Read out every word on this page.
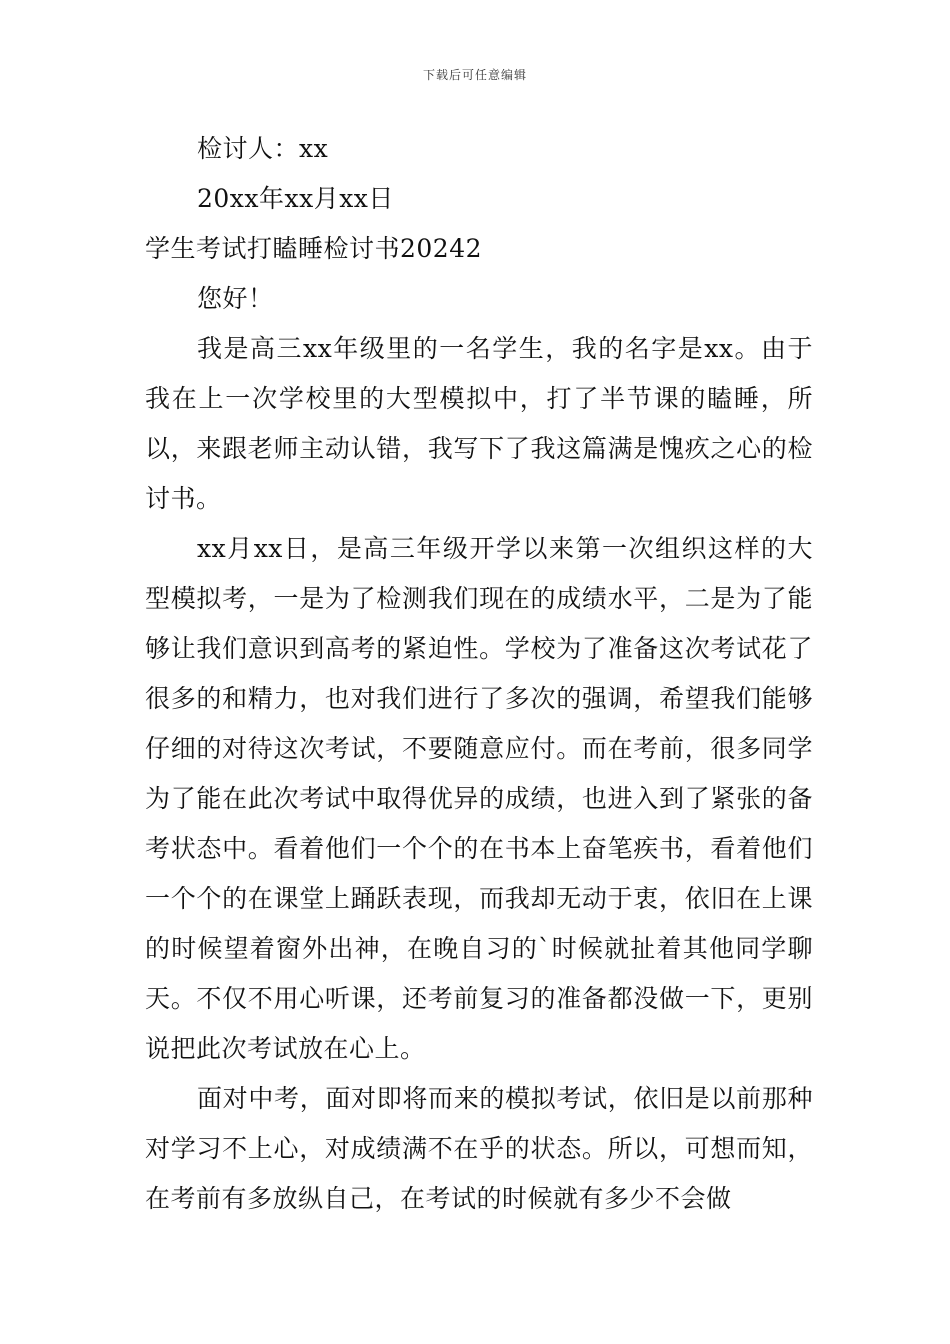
下载后可任意编辑
检讨人：xx
20xx年xx月xx日
学生考试打瞌睡检讨书20242
您好！

我是高三xx年级里的一名学生，我的名字是xx。由于我在上一次学校里的大型模拟中，打了半节课的瞌睡，所以，来跟老师主动认错，我写下了我这篇满是愧疚之心的检讨书。

xx月xx日，是高三年级开学以来第一次组织这样的大型模拟考，一是为了检测我们现在的成绩水平，二是为了能够让我们意识到高考的紧迫性。学校为了准备这次考试花了很多的和精力，也对我们进行了多次的强调，希望我们能够仔细的对待这次考试，不要随意应付。而在考前，很多同学为了能在此次考试中取得优异的成绩，也进入到了紧张的备考状态中。看着他们一个个的在书本上奋笔疾书，看着他们一个个的在课堂上踊跃表现，而我却无动于衷，依旧在上课的时候望着窗外出神，在晚自习的`时候就扯着其他同学聊天。不仅不用心听课，还考前复习的准备都没做一下，更别说把此次考试放在心上。

面对中考，面对即将而来的模拟考试，依旧是以前那种对学习不上心，对成绩满不在乎的状态。所以，可想而知，在考前有多放纵自己，在考试的时候就有多少不会做
